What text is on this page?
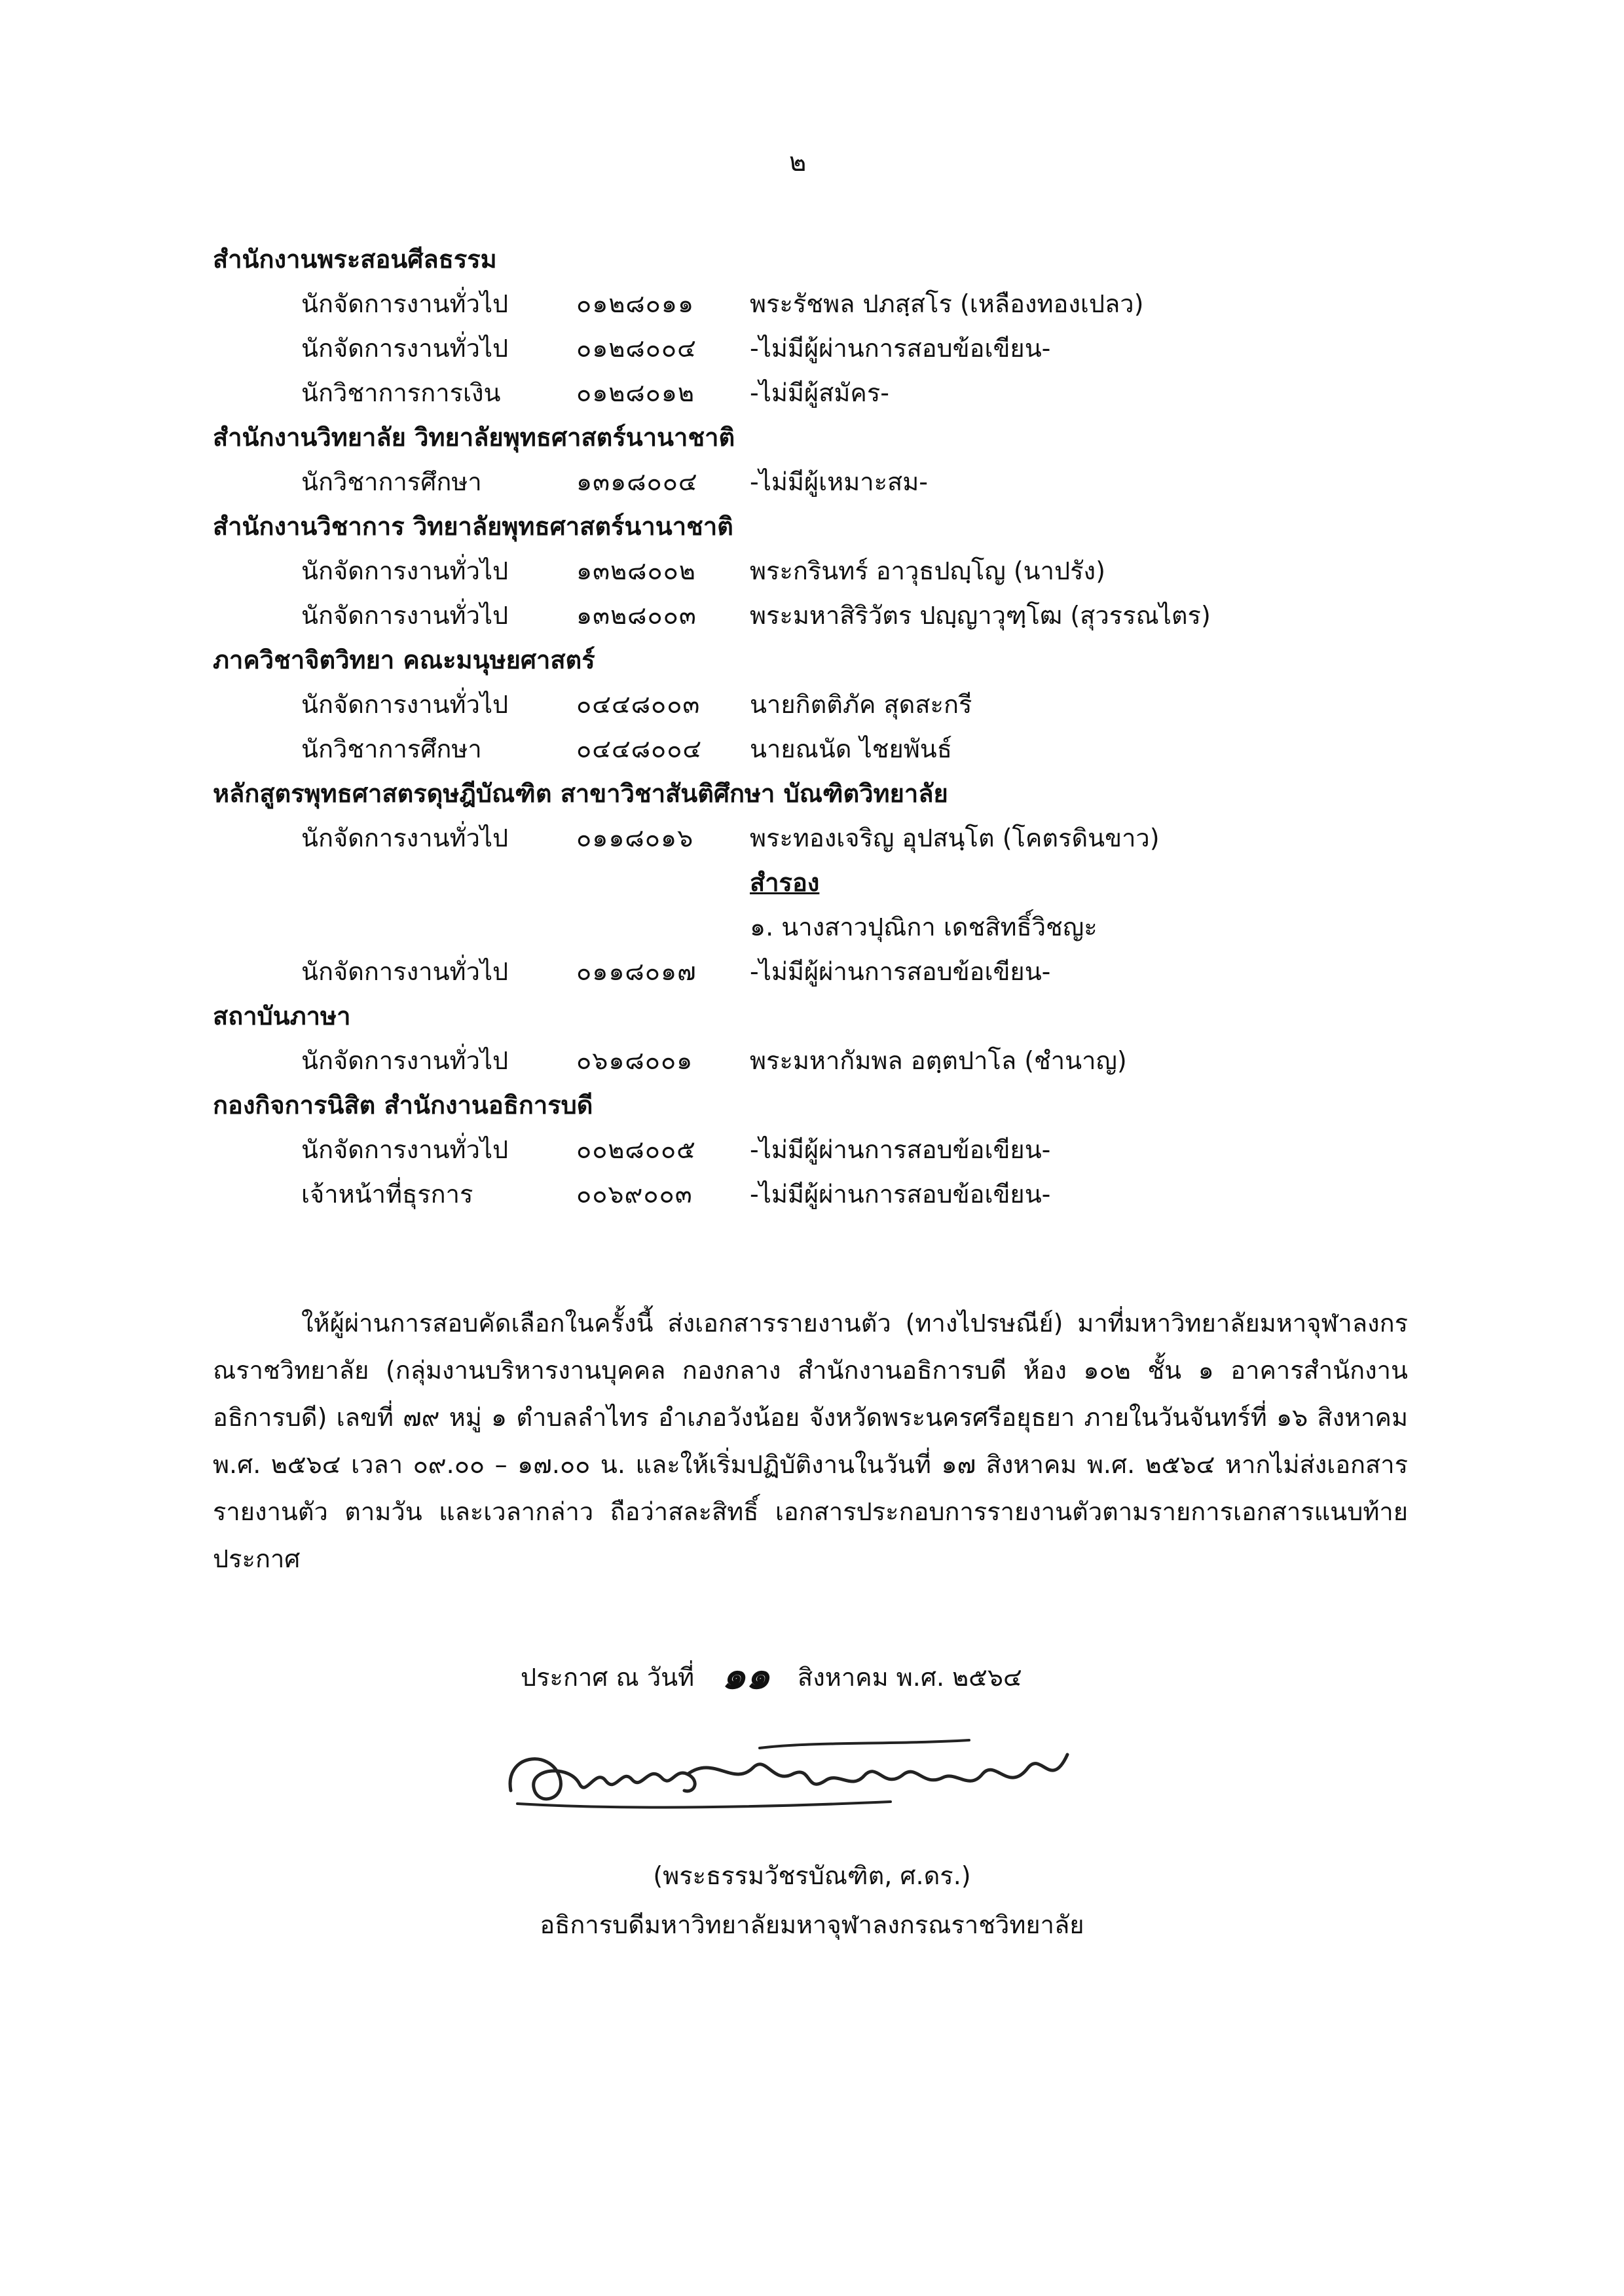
๒
สำนักงานพระสอนศีลธรรม
นักจัดการงานทั่วไป	๐๑๒๘๐๑๑ พระรัชพล ปภสฺสโร (เหลืองทองเปลว)
นักจัดการงานทั่วไป	๐๑๒๘๐๐๔ -ไม่มีผู้ผ่านการสอบข้อเขียน-
นักวิชาการการเงิน	๐๑๒๘๐๑๒ -ไม่มีผู้สมัคร-
สำนักงานวิทยาลัย วิทยาลัยพุทธศาสตร์นานาชาติ
นักวิชาการศึกษา	๑๓๑๘๐๐๔ -ไม่มีผู้เหมาะสม-
สำนักงานวิชาการ วิทยาลัยพุทธศาสตร์นานาชาติ
นักจัดการงานทั่วไป	๑๓๒๘๐๐๒ พระกรินทร์ อาวุธปญฺโญ (นาปรัง)
นักจัดการงานทั่วไป	๑๓๒๘๐๐๓ พระมหาสิริวัตร ปญฺญาวุฑฺโฒ (สุวรรณไตร)
ภาควิชาจิตวิทยา คณะมนุษยศาสตร์
นักจัดการงานทั่วไป	๐๔๔๘๐๐๓ นายกิตติภัค สุดสะกรี
นักวิชาการศึกษา	๐๔๔๘๐๐๔ นายณนัด ไชยพันธ์
หลักสูตรพุทธศาสตรดุษฎีบัณฑิต สาขาวิชาสันติศึกษา บัณฑิตวิทยาลัย
นักจัดการงานทั่วไป	๐๑๑๘๐๑๖ พระทองเจริญ อุปสนฺโต (โคตรดินขาว)
สำรอง
๑. นางสาวปุณิกา เดชสิทธิ์วิชญะ
นักจัดการงานทั่วไป	๐๑๑๘๐๑๗ -ไม่มีผู้ผ่านการสอบข้อเขียน-
สถาบันภาษา
นักจัดการงานทั่วไป	๐๖๑๘๐๐๑ พระมหากัมพล อตฺตปาโล (ชำนาญ)
กองกิจการนิสิต สำนักงานอธิการบดี
นักจัดการงานทั่วไป	๐๐๒๘๐๐๕ -ไม่มีผู้ผ่านการสอบข้อเขียน-
เจ้าหน้าที่ธุรการ	๐๐๖๙๐๐๓ -ไม่มีผู้ผ่านการสอบข้อเขียน-
ให้ผู้ผ่านการสอบคัดเลือกในครั้งนี้ ส่งเอกสารรายงานตัว (ทางไปรษณีย์) มาที่มหาวิทยาลัยมหาจุฬาลงกรณราชวิทยาลัย (กลุ่มงานบริหารงานบุคคล กองกลาง สำนักงานอธิการบดี ห้อง ๑๐๒ ชั้น ๑ อาคารสำนักงานอธิการบดี) เลขที่ ๗๙ หมู่ ๑ ตำบลลำไทร อำเภอวังน้อย จังหวัดพระนครศรีอยุธยา ภายในวันจันทร์ที่ ๑๖ สิงหาคม พ.ศ. ๒๕๖๔ เวลา ๐๙.๐๐ – ๑๗.๐๐ น. และให้เริ่มปฏิบัติงานในวันที่ ๑๗ สิงหาคม พ.ศ. ๒๕๖๔ หากไม่ส่งเอกสารรายงานตัว ตามวัน และเวลากล่าว ถือว่าสละสิทธิ์ เอกสารประกอบการรายงานตัวตามรายการเอกสารแนบท้ายประกาศ
ประกาศ ณ วันที่ ๑๑ สิงหาคม พ.ศ. ๒๕๖๔
(พระธรรมวัชรบัณฑิต, ศ.ดร.)
อธิการบดีมหาวิทยาลัยมหาจุฬาลงกรณราชวิทยาลัย
